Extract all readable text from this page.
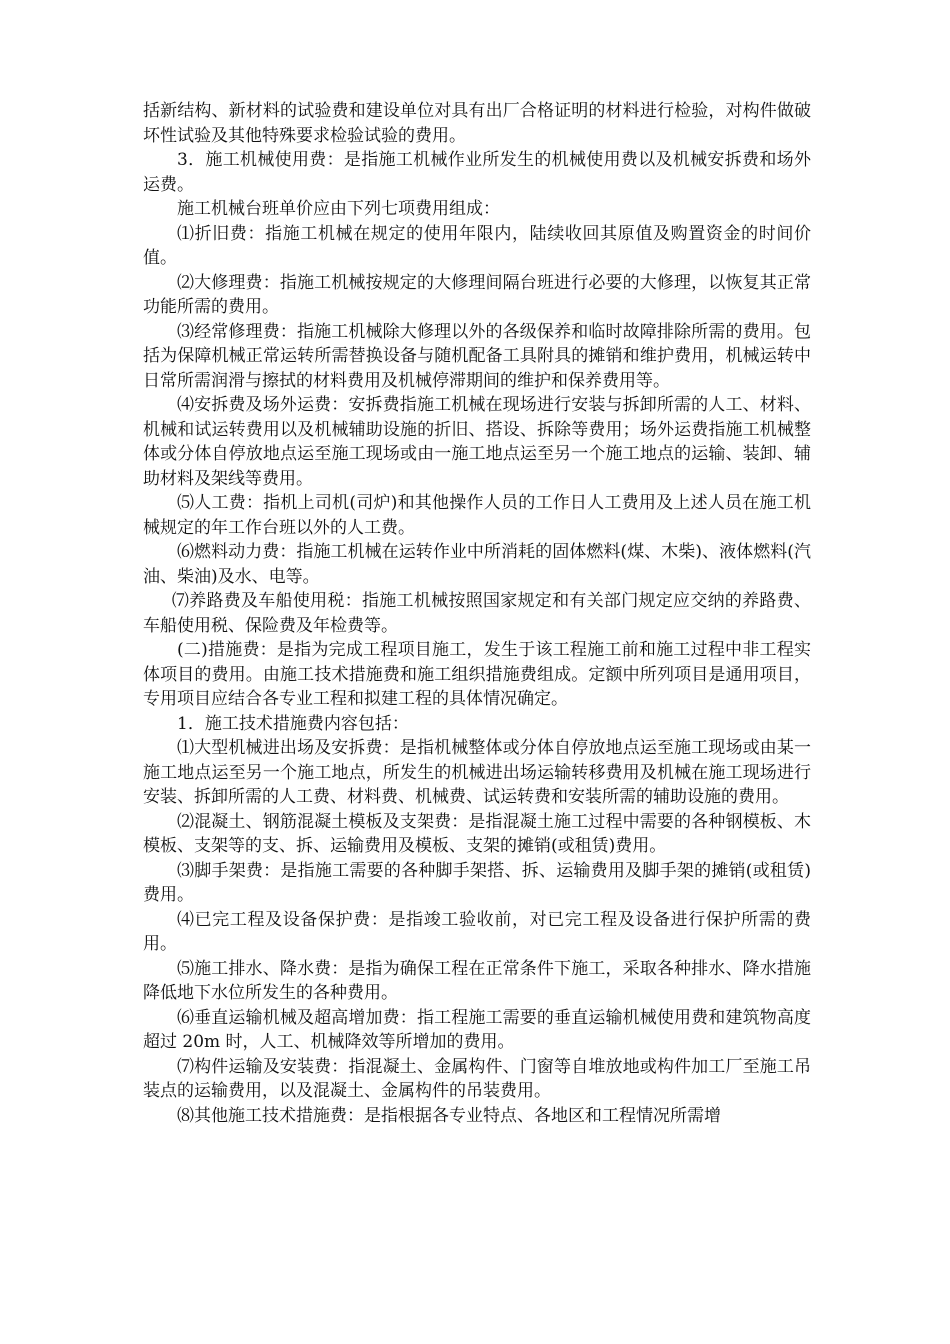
括新结构、新材料的试验费和建设单位对具有出厂合格证明的材料进行检验，对构件做破坏性试验及其他特殊要求检验试验的费用。

3．施工机械使用费：是指施工机械作业所发生的机械使用费以及机械安拆费和场外运费。

施工机械台班单价应由下列七项费用组成：

⑴折旧费：指施工机械在规定的使用年限内，陆续收回其原值及购置资金的时间价值。

⑵大修理费：指施工机械按规定的大修理间隔台班进行必要的大修理，以恢复其正常功能所需的费用。

⑶经常修理费：指施工机械除大修理以外的各级保养和临时故障排除所需的费用。包括为保障机械正常运转所需替换设备与随机配备工具附具的摊销和维护费用，机械运转中日常所需润滑与擦拭的材料费用及机械停滞期间的维护和保养费用等。

⑷安拆费及场外运费：安拆费指施工机械在现场进行安装与拆卸所需的人工、材料、机械和试运转费用以及机械辅助设施的折旧、搭设、拆除等费用；场外运费指施工机械整体或分体自停放地点运至施工现场或由一施工地点运至另一个施工地点的运输、装卸、辅助材料及架线等费用。

⑸人工费：指机上司机(司炉)和其他操作人员的工作日人工费用及上述人员在施工机械规定的年工作台班以外的人工费。

⑹燃料动力费：指施工机械在运转作业中所消耗的固体燃料(煤、木柴)、液体燃料(汽油、柴油)及水、电等。

⑺养路费及车船使用税：指施工机械按照国家规定和有关部门规定应交纳的养路费、车船使用税、保险费及年检费等。

(二)措施费：是指为完成工程项目施工，发生于该工程施工前和施工过程中非工程实体项目的费用。由施工技术措施费和施工组织措施费组成。定额中所列项目是通用项目，专用项目应结合各专业工程和拟建工程的具体情况确定。

1．施工技术措施费内容包括：

⑴大型机械进出场及安拆费：是指机械整体或分体自停放地点运至施工现场或由某一施工地点运至另一个施工地点，所发生的机械进出场运输转移费用及机械在施工现场进行安装、拆卸所需的人工费、材料费、机械费、试运转费和安装所需的辅助设施的费用。

⑵混凝土、钢筋混凝土模板及支架费：是指混凝土施工过程中需要的各种钢模板、木模板、支架等的支、拆、运输费用及模板、支架的摊销(或租赁)费用。

⑶脚手架费：是指施工需要的各种脚手架搭、拆、运输费用及脚手架的摊销(或租赁)费用。

⑷已完工程及设备保护费：是指竣工验收前，对已完工程及设备进行保护所需的费用。

⑸施工排水、降水费：是指为确保工程在正常条件下施工，采取各种排水、降水措施降低地下水位所发生的各种费用。

⑹垂直运输机械及超高增加费：指工程施工需要的垂直运输机械使用费和建筑物高度超过 20m 时，人工、机械降效等所增加的费用。

⑺构件运输及安装费：指混凝土、金属构件、门窗等自堆放地或构件加工厂至施工吊装点的运输费用，以及混凝土、金属构件的吊装费用。

⑻其他施工技术措施费：是指根据各专业特点、各地区和工程情况所需增
